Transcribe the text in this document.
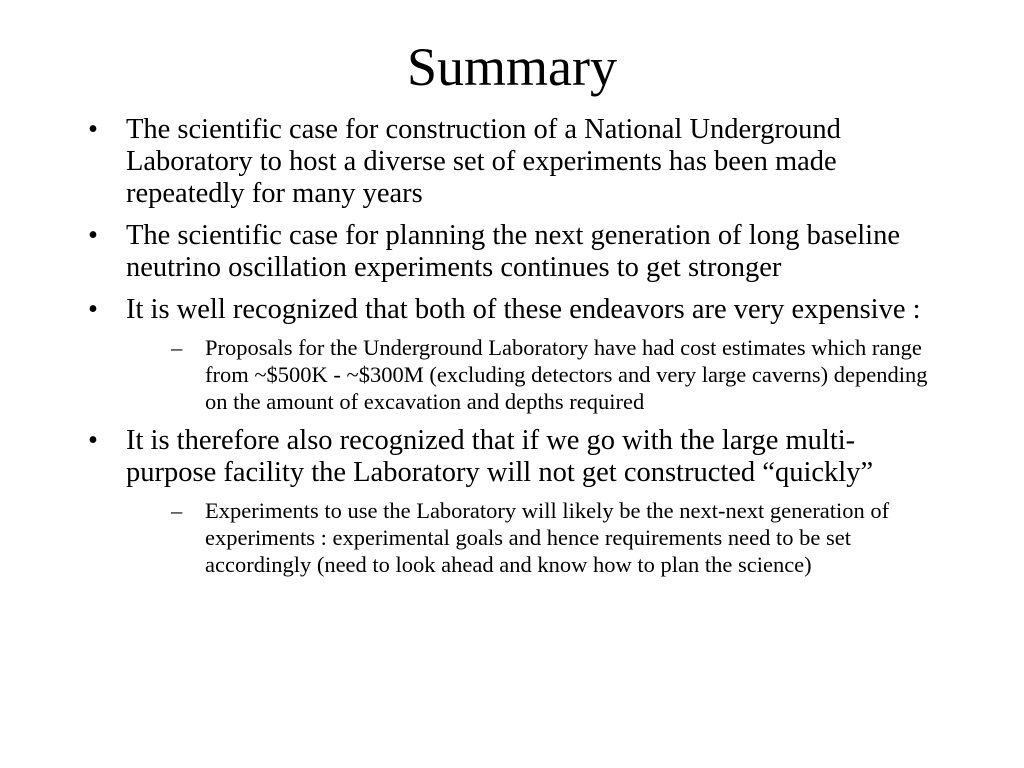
Summary
• The scientific case for construction of a National Underground Laboratory to host a diverse set of experiments has been made repeatedly for many years
• The scientific case for planning the next generation of long baseline neutrino oscillation experiments continues to get stronger
• It is well recognized that both of these endeavors are very expensive :
– Proposals for the Underground Laboratory have had cost estimates which range from ~$500K - ~$300M (excluding detectors and very large caverns) depending on the amount of excavation and depths required
• It is therefore also recognized that if we go with the large multi-purpose facility the Laboratory will not get constructed “quickly”
– Experiments to use the Laboratory will likely be the next-next generation of experiments : experimental goals and hence requirements need to be set accordingly (need to look ahead and know how to plan the science)
